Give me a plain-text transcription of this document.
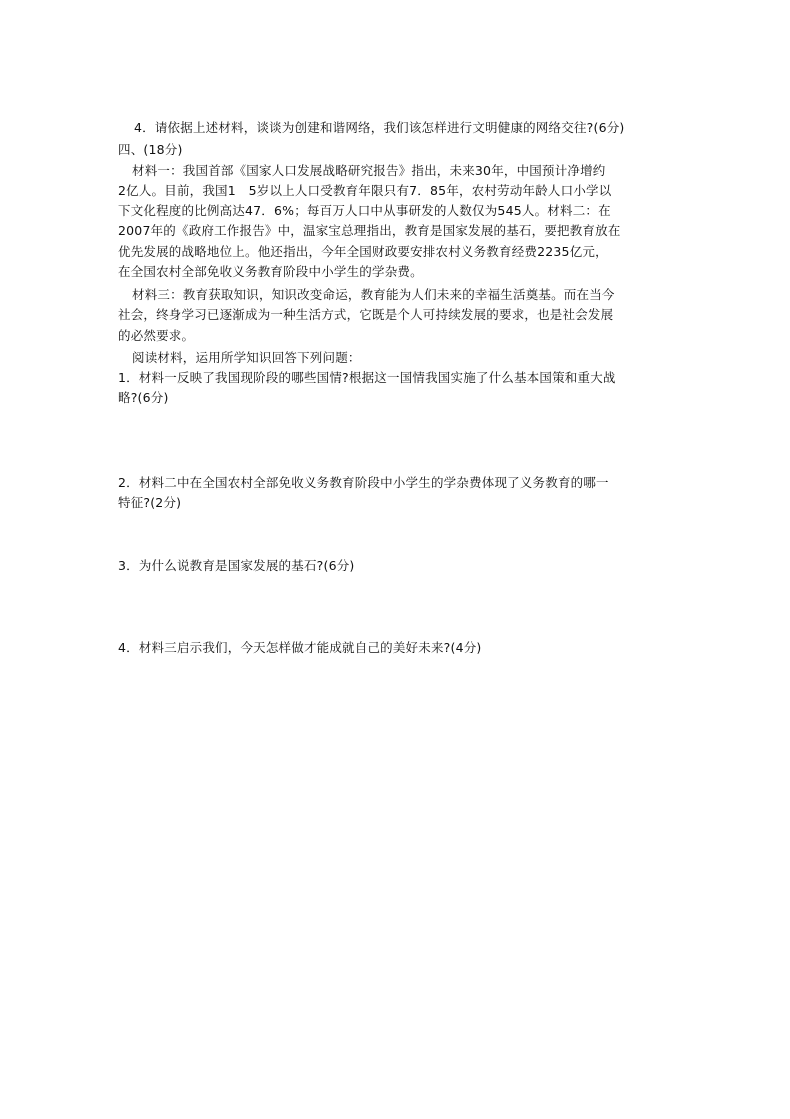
4．请依据上述材料，谈谈为创建和谐网络，我们该怎样进行文明健康的网络交往?(6分)
四、(18分)
材料一：我国首部《国家人口发展战略研究报告》指出，未来30年，中国预计净增约
2亿人。目前，我国1　5岁以上人口受教育年限只有7．85年，农村劳动年龄人口小学以
下文化程度的比例高达47．6%；每百万人口中从事研发的人数仅为545人。材料二：在
2007年的《政府工作报告》中，温家宝总理指出，教育是国家发展的基石，要把教育放在
优先发展的战略地位上。他还指出，今年全国财政要安排农村义务教育经费2235亿元，
在全国农村全部免收义务教育阶段中小学生的学杂费。
材料三：教育获取知识，知识改变命运，教育能为人们未来的幸福生活奠基。而在当今
社会，终身学习已逐渐成为一种生活方式，它既是个人可持续发展的要求，也是社会发展
的必然要求。
阅读材料，运用所学知识回答下列问题：
1．材料一反映了我国现阶段的哪些国情?根据这一国情我国实施了什么基本国策和重大战
略?(6分)
2．材料二中在全国农村全部免收义务教育阶段中小学生的学杂费体现了义务教育的哪一
特征?(2分)
3．为什么说教育是国家发展的基石?(6分)
4．材料三启示我们，今天怎样做才能成就自己的美好未来?(4分)
